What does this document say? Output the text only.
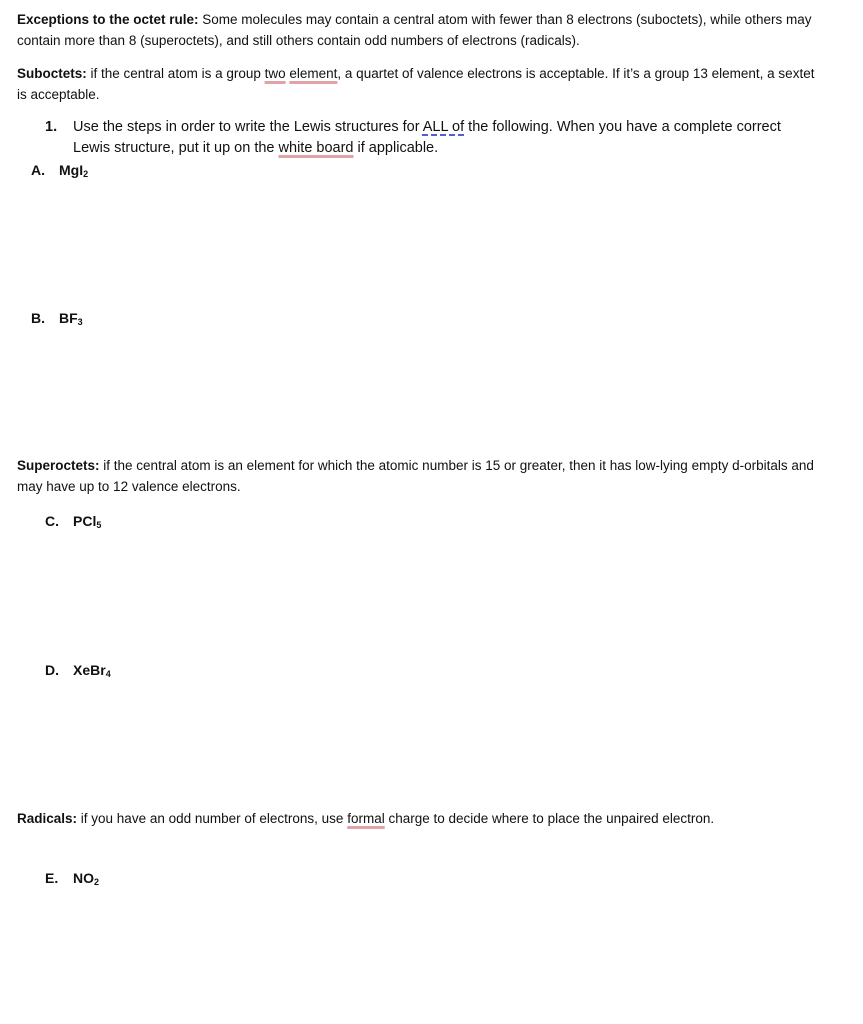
Exceptions to the octet rule: Some molecules may contain a central atom with fewer than 8 electrons (suboctets), while others may contain more than 8 (superoctets), and still others contain odd numbers of electrons (radicals).
Suboctets: if the central atom is a group two element, a quartet of valence electrons is acceptable. If it’s a group 13 element, a sextet is acceptable.
1. Use the steps in order to write the Lewis structures for ALL of the following. When you have a complete correct Lewis structure, put it up on the white board if applicable.
A. MgI$_2$
B. $BF_3$
Superoctets: if the central atom is an element for which the atomic number is 15 or greater, then it has low-lying empty d-orbitals and may have up to 12 valence electrons.
C. PCl$_5$
D. XeBr$_4$
Radicals: if you have an odd number of electrons, use formal charge to decide where to place the unpaired electron.
E. $NO_2$
